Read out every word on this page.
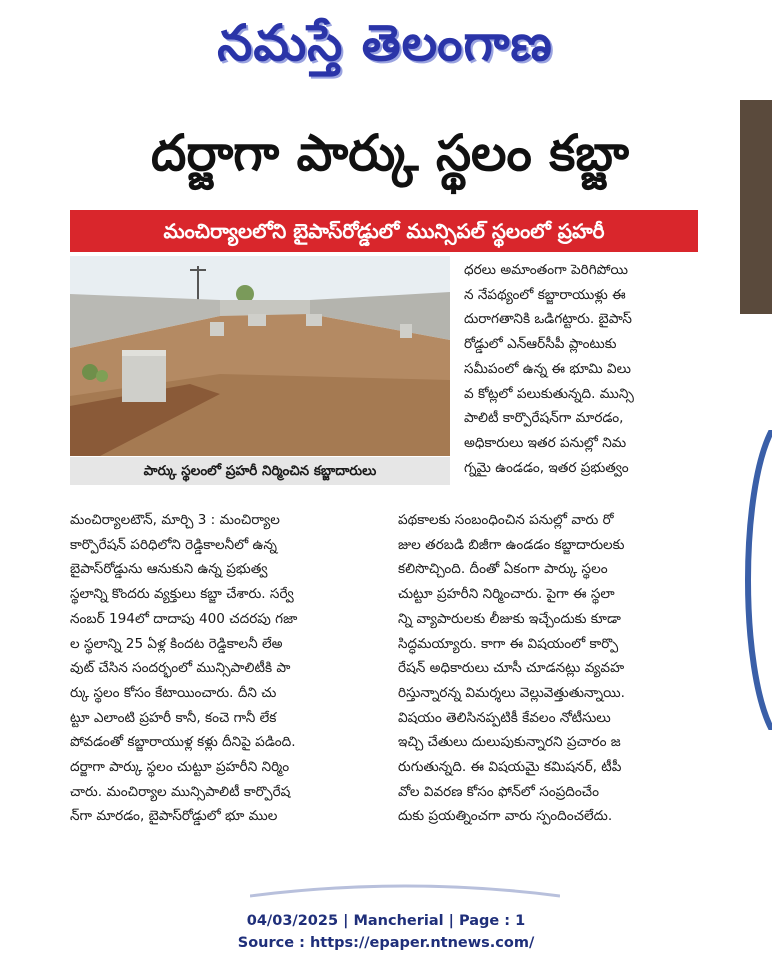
నమస్తే తెలంగాణ
దర్జాగా పార్కు స్థలం కబ్జా
మంచిర్యాలలోని బైపాస్‌రోడ్డులో మున్సిపల్ స్థలంలో ప్రహరీ
పార్కు స్థలంలో ప్రహరీ నిర్మించిన కబ్జాదారులు
ధరలు అమాంతంగా పెరిగిపోయి
న నేపథ్యంలో కబ్జారాయుళ్లు ఈ
దురాగతానికి ఒడిగట్టారు. బైపాస్
రోడ్డులో ఎన్‌ఆర్‌సీపీ ప్లాంటుకు
సమీపంలో ఉన్న ఈ భూమి విలు
వ కోట్లలో పలుకుతున్నది. మున్సి
పాలిటీ కార్పొరేషన్‌గా మారడం,
అధికారులు ఇతర పనుల్లో నిమ
గ్నమై ఉండడం, ఇతర ప్రభుత్వం
మంచిర్యాలటౌన్, మార్చి 3 : మంచిర్యాల
కార్పొరేషన్ పరిధిలోని రెడ్డికాలనీలో ఉన్న
బైపాస్‌రోడ్డును ఆనుకుని ఉన్న ప్రభుత్వ
స్థలాన్ని కొందరు వ్యక్తులు కబ్జా చేశారు. సర్వే
నంబర్ 194లో దాదాపు 400 చదరపు గజా
ల స్థలాన్ని 25 ఏళ్ల కిందట రెడ్డికాలనీ లేఅ
వుట్ చేసిన సందర్భంలో మున్సిపాలిటీకి పా
ర్కు స్థలం కోసం కేటాయించారు. దీని చు
ట్టూ ఎలాంటి ప్రహరీ కానీ, కంచె గానీ లేక
పోవడంతో కబ్జారాయుళ్ల కళ్లు దీనిపై పడింది.
దర్జాగా పార్కు స్థలం చుట్టూ ప్రహరీని నిర్మిం
చారు. మంచిర్యాల మున్సిపాలిటీ కార్పొరేష
న్‌గా మారడం, బైపాస్‌రోడ్డులో భూ ముల
పథకాలకు సంబంధించిన పనుల్లో వారు రో
జుల తరబడి బిజీగా ఉండడం కబ్జాదారులకు
కలిసొచ్చింది. దీంతో ఏకంగా పార్కు స్థలం
చుట్టూ ప్రహరీని నిర్మించారు. పైగా ఈ స్థలా
న్ని వ్యాపారులకు లీజుకు ఇచ్చేందుకు కూడా
సిద్ధమయ్యారు. కాగా ఈ విషయంలో కార్పొ
రేషన్ అధికారులు చూసీ చూడనట్లు వ్యవహ
రిస్తున్నారన్న విమర్శలు వెల్లువెత్తుతున్నాయి.
విషయం తెలిసినప్పటికీ కేవలం నోటీసులు
ఇచ్చి చేతులు దులుపుకున్నారని ప్రచారం జ
రుగుతున్నది. ఈ విషయమై కమిషనర్, టీపీ
వోల వివరణ కోసం ఫోన్‌లో సంప్రదించేం
దుకు ప్రయత్నించగా వారు స్పందించలేదు.
04/03/2025 | Mancherial | Page : 1
Source : https://epaper.ntnews.com/
